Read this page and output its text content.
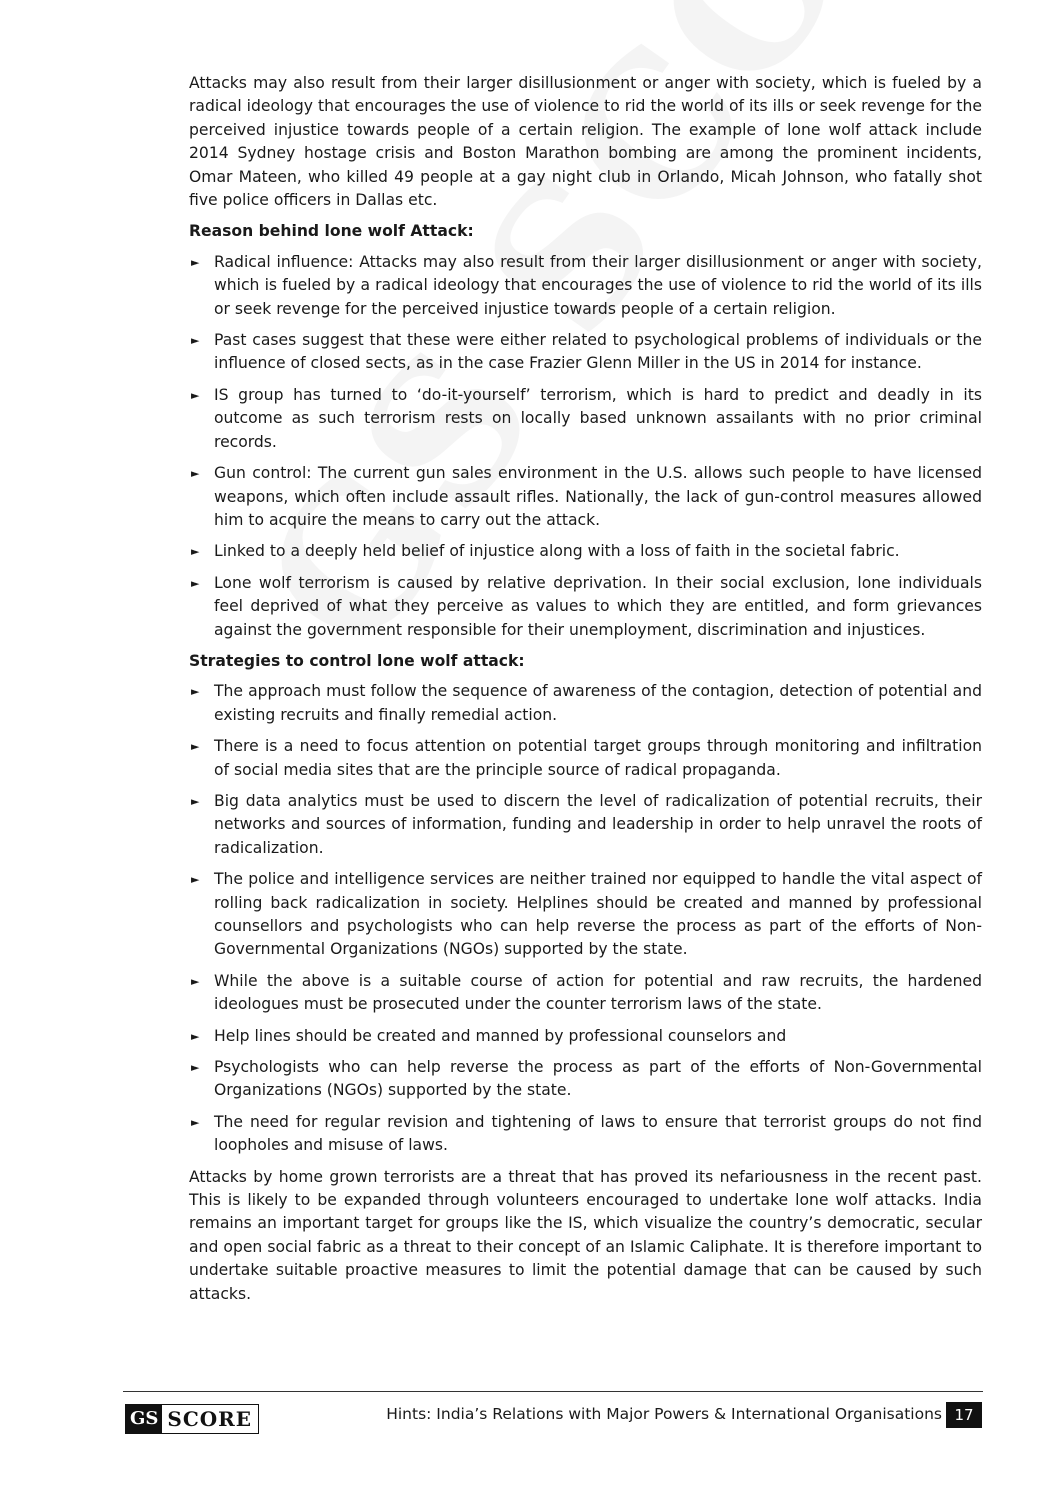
Attacks may also result from their larger disillusionment or anger with society, which is fueled by a radical ideology that encourages the use of violence to rid the world of its ills or seek revenge for the perceived injustice towards people of a certain religion. The example of lone wolf attack include 2014 Sydney hostage crisis and Boston Marathon bombing are among the prominent incidents, Omar Mateen, who killed 49 people at a gay night club in Orlando, Micah Johnson, who fatally shot five police officers in Dallas etc.

Reason behind lone wolf Attack:
► Radical influence: Attacks may also result from their larger disillusionment or anger with society, which is fueled by a radical ideology that encourages the use of violence to rid the world of its ills or seek revenge for the perceived injustice towards people of a certain religion.
► Past cases suggest that these were either related to psychological problems of individuals or the influence of closed sects, as in the case Frazier Glenn Miller in the US in 2014 for instance.
► IS group has turned to ‘do-it-yourself’ terrorism, which is hard to predict and deadly in its outcome as such terrorism rests on locally based unknown assailants with no prior criminal records.
► Gun control: The current gun sales environment in the U.S. allows such people to have licensed weapons, which often include assault rifles. Nationally, the lack of gun-control measures allowed him to acquire the means to carry out the attack.
► Linked to a deeply held belief of injustice along with a loss of faith in the societal fabric.
► Lone wolf terrorism is caused by relative deprivation. In their social exclusion, lone individuals feel deprived of what they perceive as values to which they are entitled, and form grievances against the government responsible for their unemployment, discrimination and injustices.
Strategies to control lone wolf attack:
► The approach must follow the sequence of awareness of the contagion, detection of potential and existing recruits and finally remedial action.
► There is a need to focus attention on potential target groups through monitoring and infiltration of social media sites that are the principle source of radical propaganda.
► Big data analytics must be used to discern the level of radicalization of potential recruits, their networks and sources of information, funding and leadership in order to help unravel the roots of radicalization.
► The police and intelligence services are neither trained nor equipped to handle the vital aspect of rolling back radicalization in society. Helplines should be created and manned by professional counsellors and psychologists who can help reverse the process as part of the efforts of Non-Governmental Organizations (NGOs) supported by the state.
► While the above is a suitable course of action for potential and raw recruits, the hardened ideologues must be prosecuted under the counter terrorism laws of the state.
► Help lines should be created and manned by professional counselors and
► Psychologists who can help reverse the process as part of the efforts of Non-Governmental Organizations (NGOs) supported by the state.
► The need for regular revision and tightening of laws to ensure that terrorist groups do not find loopholes and misuse of laws.

Attacks by home grown terrorists are a threat that has proved its nefariousness in the recent past. This is likely to be expanded through volunteers encouraged to undertake lone wolf attacks. India remains an important target for groups like the IS, which visualize the country’s democratic, secular and open social fabric as a threat to their concept of an Islamic Caliphate. It is therefore important to undertake suitable proactive measures to limit the potential damage that can be caused by such attacks.

GS SCORE	Hints: India’s Relations with Major Powers & International Organisations 17
